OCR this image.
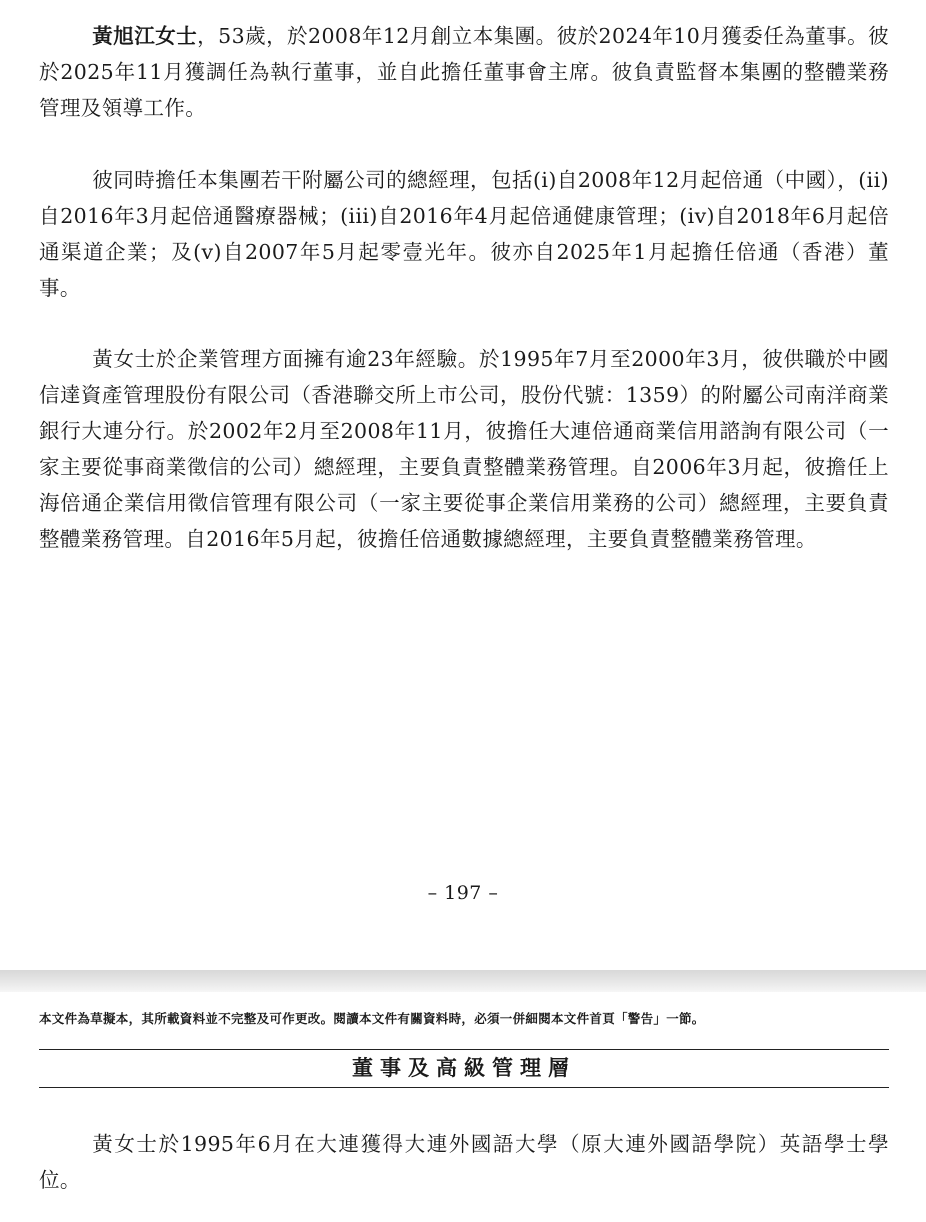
黃旭江女士，53歲，於2008年12月創立本集團。彼於2024年10月獲委任為董事。彼於2025年11月獲調任為執行董事，並自此擔任董事會主席。彼負責監督本集團的整體業務管理及領導工作。

彼同時擔任本集團若干附屬公司的總經理，包括(i)自2008年12月起倍通（中國），(ii)自2016年3月起倍通醫療器械；(iii)自2016年4月起倍通健康管理；(iv)自2018年6月起倍通渠道企業；及(v)自2007年5月起零壹光年。彼亦自2025年1月起擔任倍通（香港）董事。

黃女士於企業管理方面擁有逾23年經驗。於1995年7月至2000年3月，彼供職於中國信達資產管理股份有限公司（香港聯交所上市公司，股份代號：1359）的附屬公司南洋商業銀行大連分行。於2002年2月至2008年11月，彼擔任大連倍通商業信用諮詢有限公司（一家主要從事商業徵信的公司）總經理，主要負責整體業務管理。自2006年3月起，彼擔任上海倍通企業信用徵信管理有限公司（一家主要從事企業信用業務的公司）總經理，主要負責整體業務管理。自2016年5月起，彼擔任倍通數據總經理，主要負責整體業務管理。

– 197 –
本文件為草擬本，其所載資料並不完整及可作更改。閱讀本文件有關資料時，必須一併細閱本文件首頁「警告」一節。
董事及高級管理層

黃女士於1995年6月在大連獲得大連外國語大學（原大連外國語學院）英語學士學位。
